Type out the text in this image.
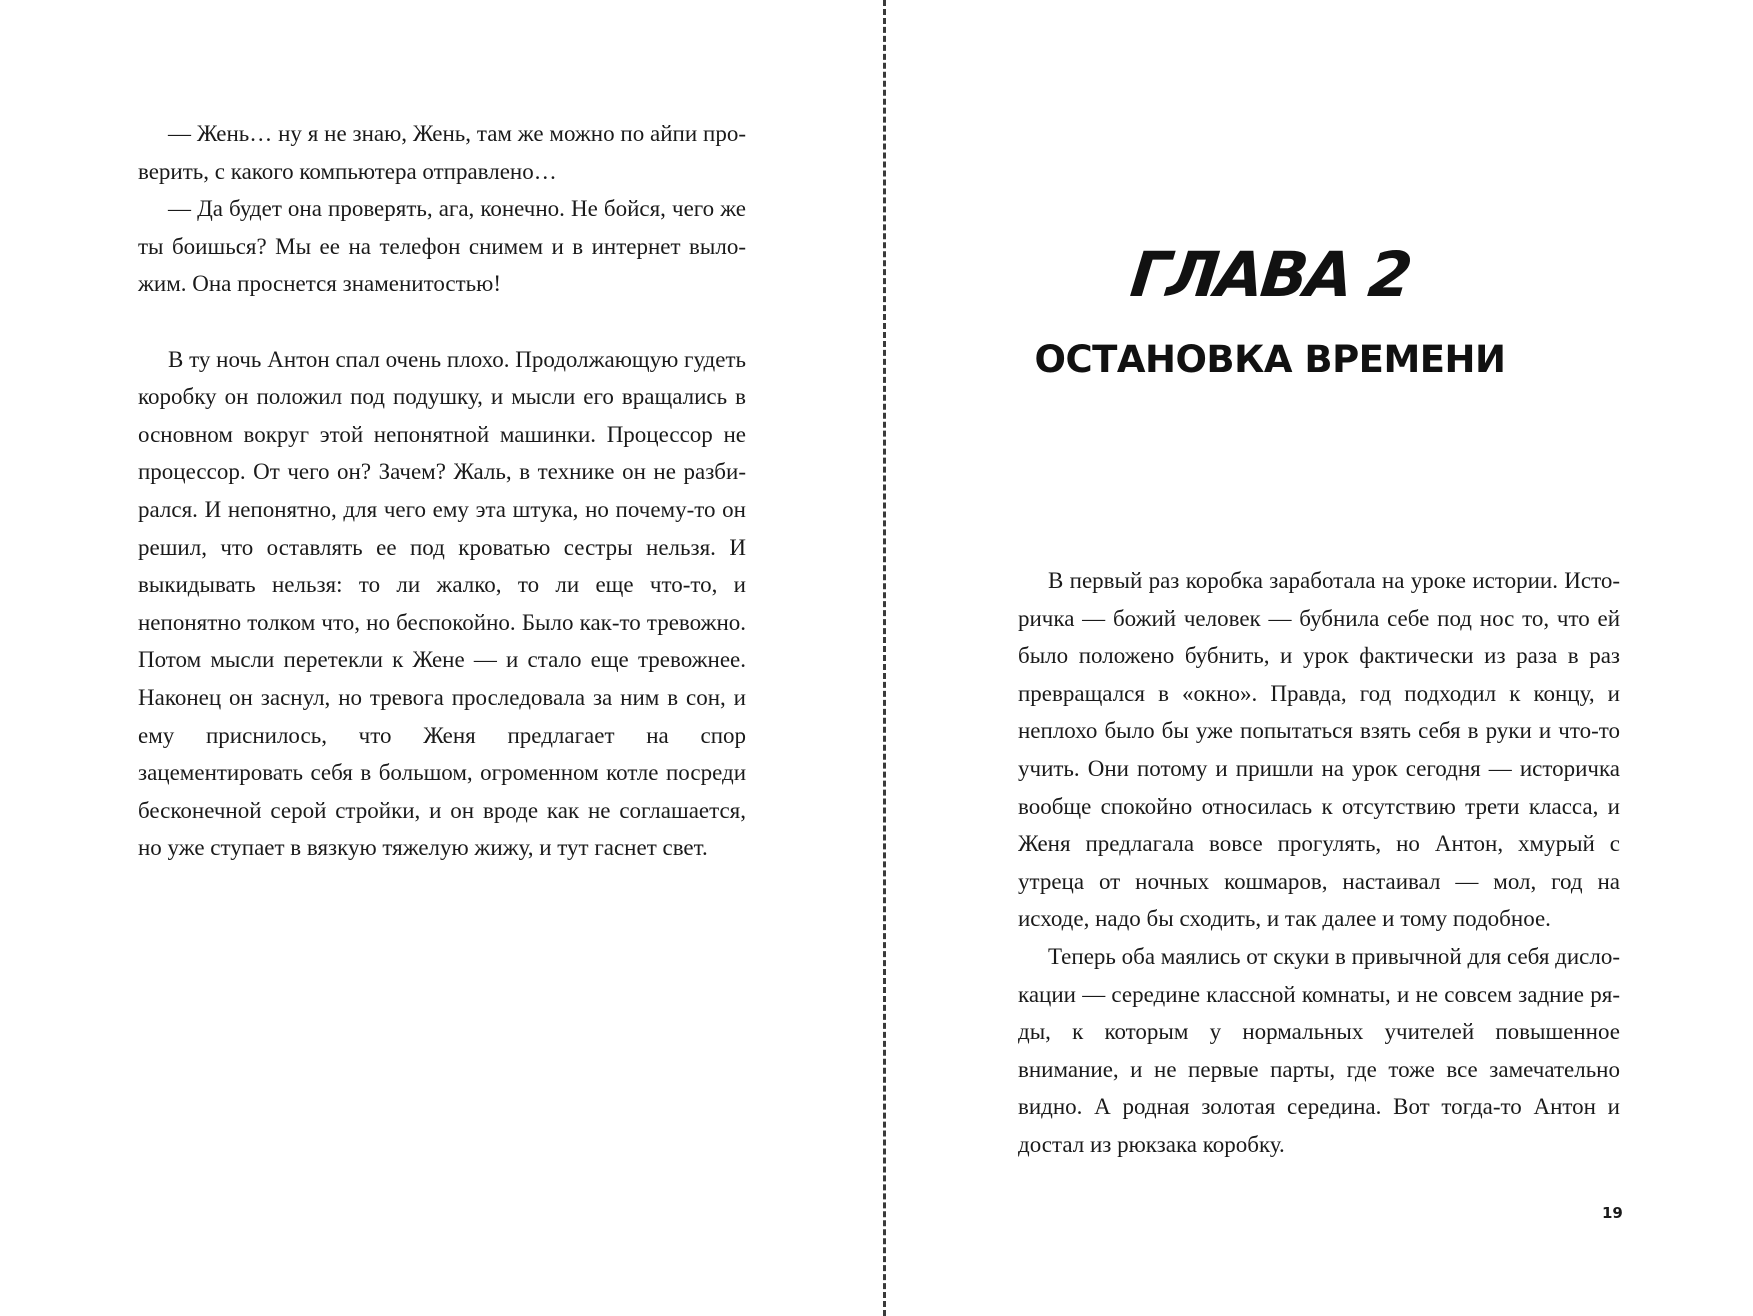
— Жень… ну я не знаю, Жень, там же можно по айпи проверить, с какого компьютера отправлено…

— Да будет она проверять, ага, конечно. Не бойся, чего же ты боишься? Мы ее на телефон снимем и в интернет выложим. Она проснется знаменитостью!

В ту ночь Антон спал очень плохо. Продолжающую гудеть коробку он положил под подушку, и мысли его вращались в основном вокруг этой непонятной машинки. Процессор не процессор. От чего он? Зачем? Жаль, в технике он не разбирался. И непонятно, для чего ему эта штука, но почему-то он решил, что оставлять ее под кроватью сестры нельзя. И выкидывать нельзя: то ли жалко, то ли еще что-то, и непонятно толком что, но беспокойно. Было как-то тревожно. Потом мысли перетекли к Жене — и стало еще тревожнее. Наконец он заснул, но тревога проследовала за ним в сон, и ему приснилось, что Женя предлагает на спор зацементировать себя в большом, огроменном котле посреди бесконечной серой стройки, и он вроде как не соглашается, но уже ступает в вязкую тяжелую жижу, и тут гаснет свет.

ГЛАВА 2
ОСТАНОВКА ВРЕМЕНИ

В первый раз коробка заработала на уроке истории. Историчка — божий человек — бубнила себе под нос то, что ей было положено бубнить, и урок фактически из раза в раз превращался в «окно». Правда, год подходил к концу, и неплохо было бы уже попытаться взять себя в руки и что-то учить. Они потому и пришли на урок сегодня — историчка вообще спокойно относилась к отсутствию трети класса, и Женя предлагала вовсе прогулять, но Антон, хмурый с утреца от ночных кошмаров, настаивал — мол, год на исходе, надо бы сходить, и так далее и тому подобное.

Теперь оба маялись от скуки в привычной для себя дислокации — середине классной комнаты, и не совсем задние ряды, к которым у нормальных учителей повышенное внимание, и не первые парты, где тоже все замечательно видно. А родная золотая середина. Вот тогда-то Антон и достал из рюкзака коробку.

19
